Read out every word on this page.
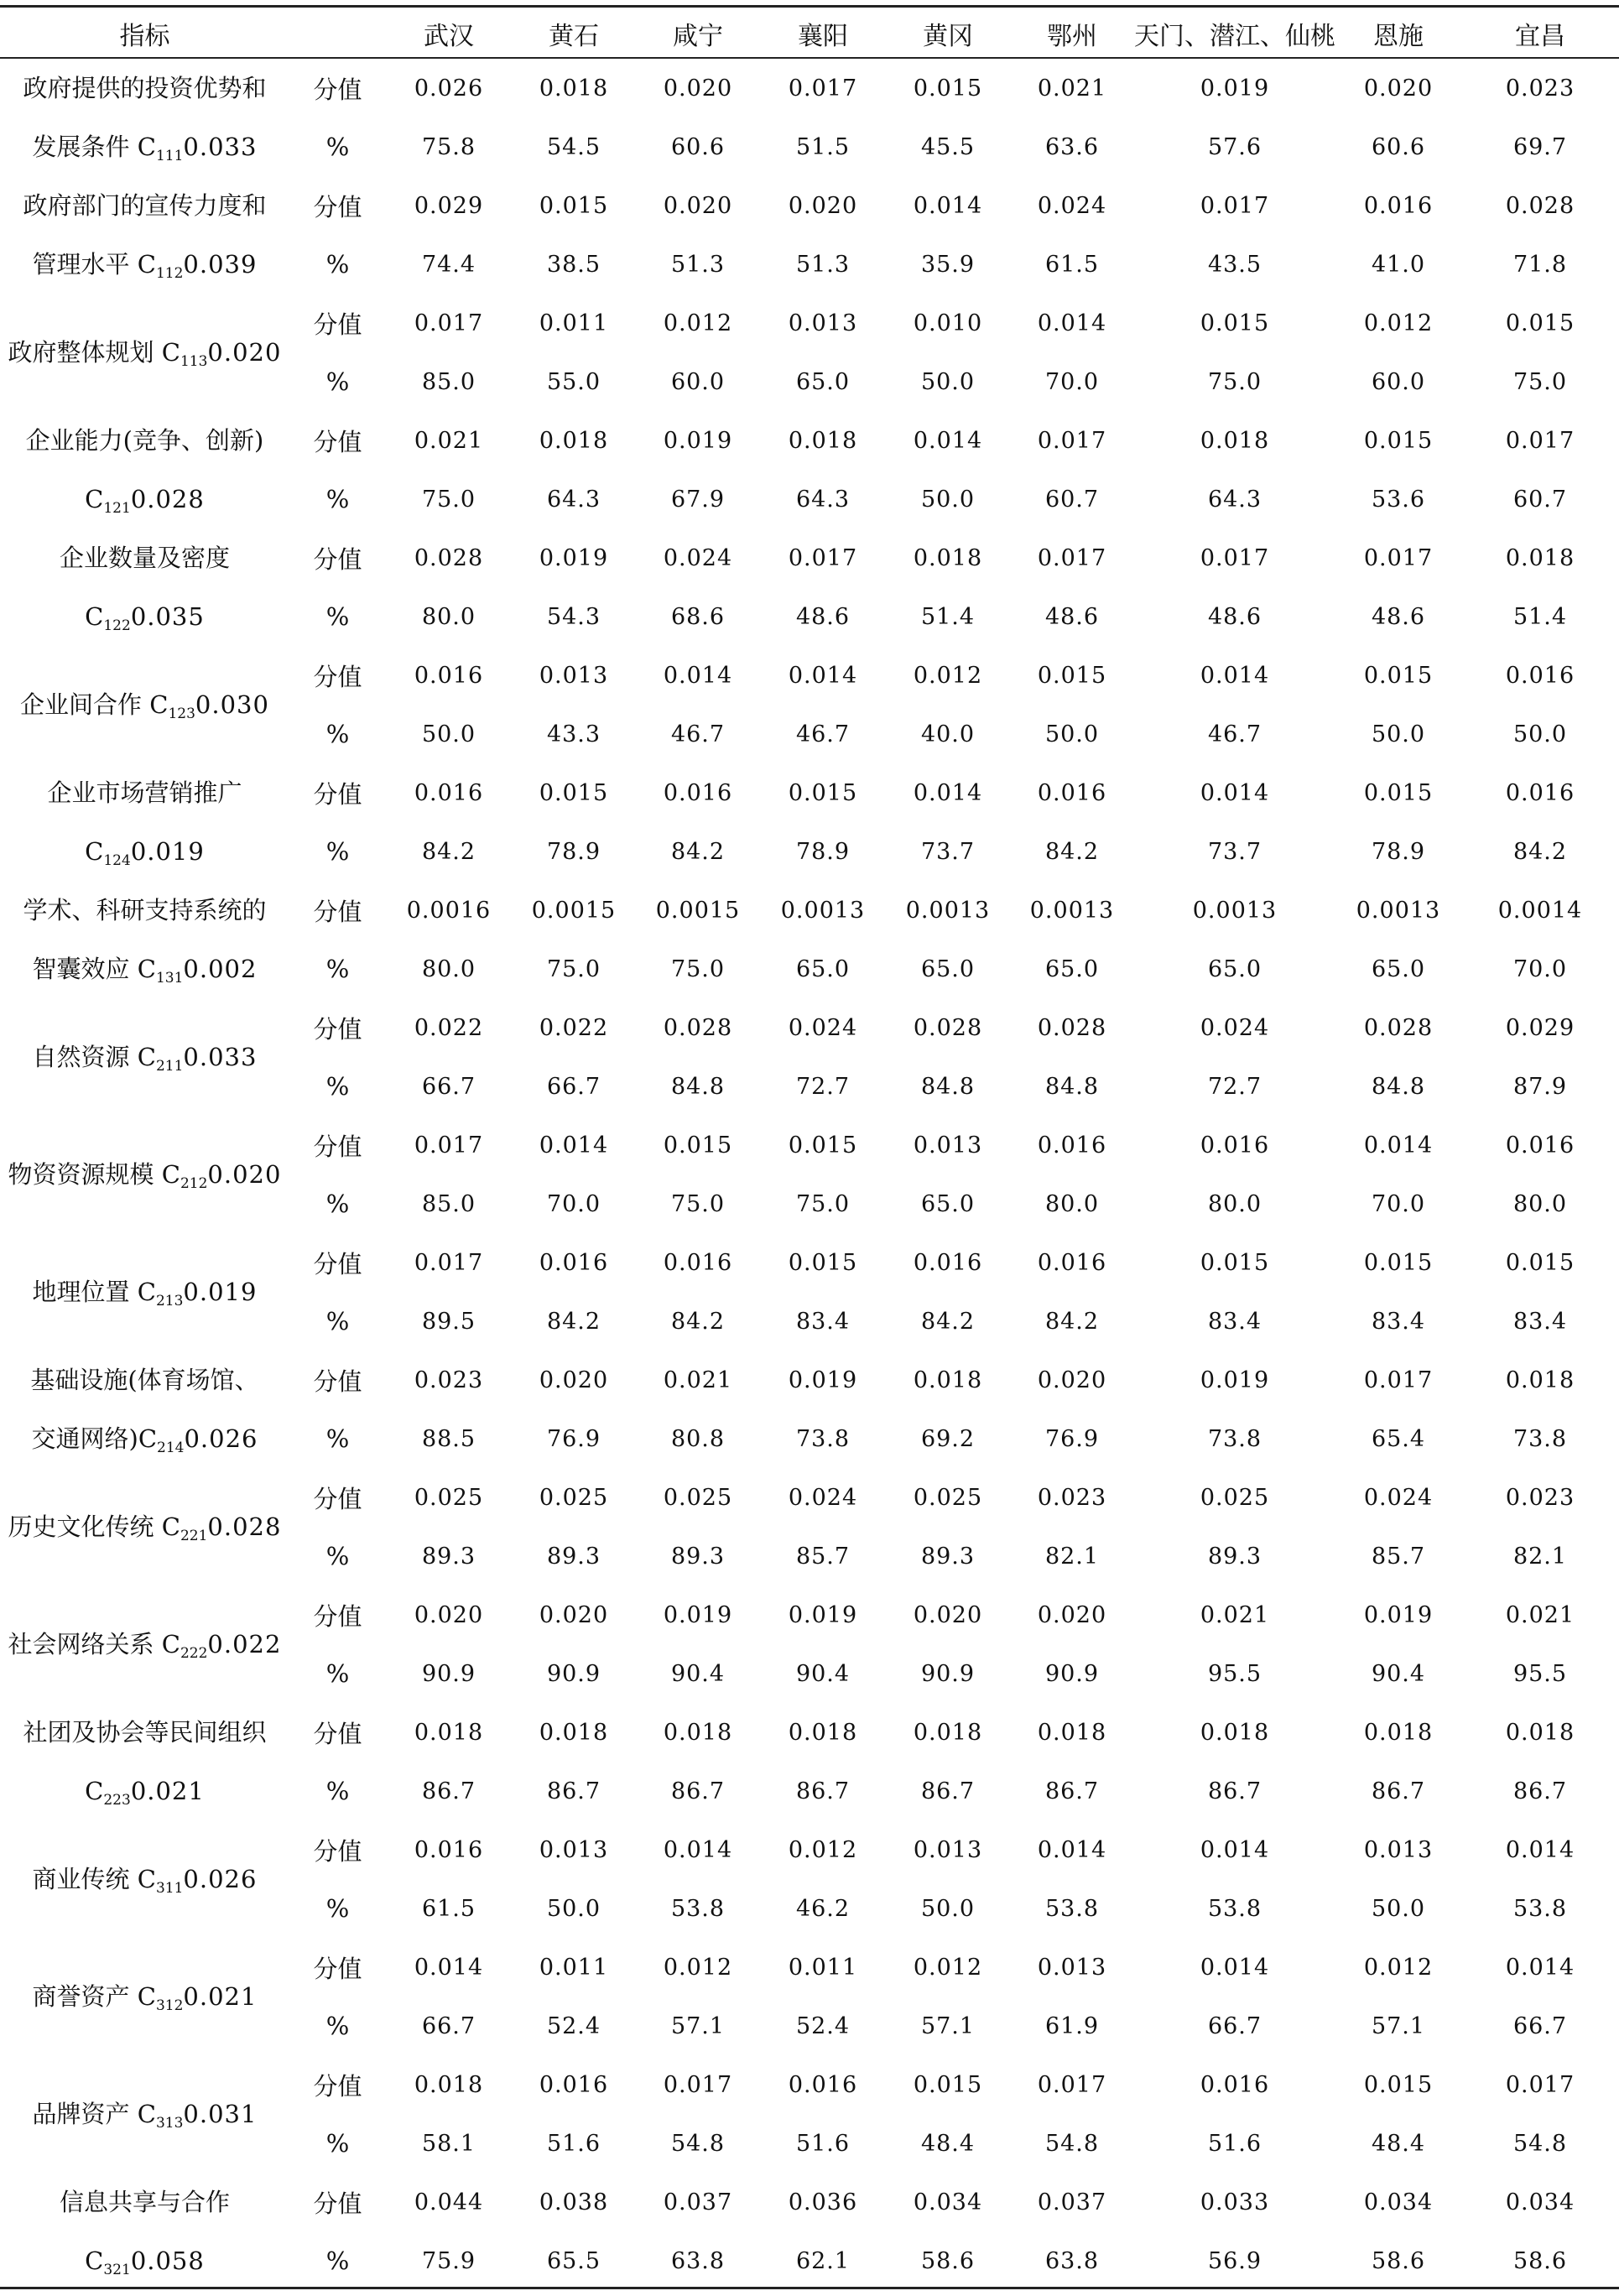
指标		武汉	黄石	咸宁	襄阳	黄冈	鄂州	天门、潜江、仙桃	恩施	宜昌

政府提供的投资优势和
发展条件 $C_{111}0.033$	分值	0.026	0.018	0.020	0.017	0.015	0.021	0.019	0.020	0.023
	%	75.8	54.5	60.6	51.5	45.5	63.6	57.6	60.6	69.7

政府部门的宣传力度和
管理水平 $C_{112}0.039$	分值	0.029	0.015	0.020	0.020	0.014	0.024	0.017	0.016	0.028
	%	74.4	38.5	51.3	51.3	35.9	61.5	43.5	41.0	71.8
政府整体规划 $C_{113}0.020$	分值	0.017	0.011	0.012	0.013	0.010	0.014	0.015	0.012	0.015
	%	85.0	55.0	60.0	65.0	50.0	70.0	75.0	60.0	75.0

企业能力(竞争、创新)
$C_{121}0.028$	分值	0.021	0.018	0.019	0.018	0.014	0.017	0.018	0.015	0.017
	%	75.0	64.3	67.9	64.3	50.0	60.7	64.3	53.6	60.7

企业数量及密度
$C_{122}0.035$	分值	0.028	0.019	0.024	0.017	0.018	0.017	0.017	0.017	0.018
	%	80.0	54.3	68.6	48.6	51.4	48.6	48.6	48.6	51.4
企业间合作 $C_{123}0.030$	分值	0.016	0.013	0.014	0.014	0.012	0.015	0.014	0.015	0.016
	%	50.0	43.3	46.7	46.7	40.0	50.0	46.7	50.0	50.0

企业市场营销推广
$C_{124}0.019$	分值	0.016	0.015	0.016	0.015	0.014	0.016	0.014	0.015	0.016
	%	84.2	78.9	84.2	78.9	73.7	84.2	73.7	78.9	84.2

学术、科研支持系统的
智囊效应 $C_{131}0.002$	分值	0.0016	0.0015	0.0015	0.0013	0.0013	0.0013	0.0013	0.0013	0.0014
	%	80.0	75.0	75.0	65.0	65.0	65.0	65.0	65.0	70.0
自然资源 $C_{211}0.033$	分值	0.022	0.022	0.028	0.024	0.028	0.028	0.024	0.028	0.029
	%	66.7	66.7	84.8	72.7	84.8	84.8	72.7	84.8	87.9
物资资源规模 $C_{212}0.020$	分值	0.017	0.014	0.015	0.015	0.013	0.016	0.016	0.014	0.016
	%	85.0	70.0	75.0	75.0	65.0	80.0	80.0	70.0	80.0
地理位置 $C_{213}0.019$	分值	0.017	0.016	0.016	0.015	0.016	0.016	0.015	0.015	0.015
	%	89.5	84.2	84.2	83.4	84.2	84.2	83.4	83.4	83.4

基础设施(体育场馆、
交通网络)$C_{214}0.026$	分值	0.023	0.020	0.021	0.019	0.018	0.020	0.019	0.017	0.018
	%	88.5	76.9	80.8	73.8	69.2	76.9	73.8	65.4	73.8
历史文化传统 $C_{221}0.028$	分值	0.025	0.025	0.025	0.024	0.025	0.023	0.025	0.024	0.023
	%	89.3	89.3	89.3	85.7	89.3	82.1	89.3	85.7	82.1
社会网络关系 $C_{222}0.022$	分值	0.020	0.020	0.019	0.019	0.020	0.020	0.021	0.019	0.021
	%	90.9	90.9	90.4	90.4	90.9	90.9	95.5	90.4	95.5

社团及协会等民间组织
$C_{223}0.021$	分值	0.018	0.018	0.018	0.018	0.018	0.018	0.018	0.018	0.018
	%	86.7	86.7	86.7	86.7	86.7	86.7	86.7	86.7	86.7
商业传统 $C_{311}0.026$	分值	0.016	0.013	0.014	0.012	0.013	0.014	0.014	0.013	0.014
	%	61.5	50.0	53.8	46.2	50.0	53.8	53.8	50.0	53.8
商誉资产 $C_{312}0.021$	分值	0.014	0.011	0.012	0.011	0.012	0.013	0.014	0.012	0.014
	%	66.7	52.4	57.1	52.4	57.1	61.9	66.7	57.1	66.7
品牌资产 $C_{313}0.031$	分值	0.018	0.016	0.017	0.016	0.015	0.017	0.016	0.015	0.017
	%	58.1	51.6	54.8	51.6	48.4	54.8	51.6	48.4	54.8

信息共享与合作
$C_{321}0.058$	分值	0.044	0.038	0.037	0.036	0.034	0.037	0.033	0.034	0.034
	%	75.9	65.5	63.8	62.1	58.6	63.8	56.9	58.6	58.6
